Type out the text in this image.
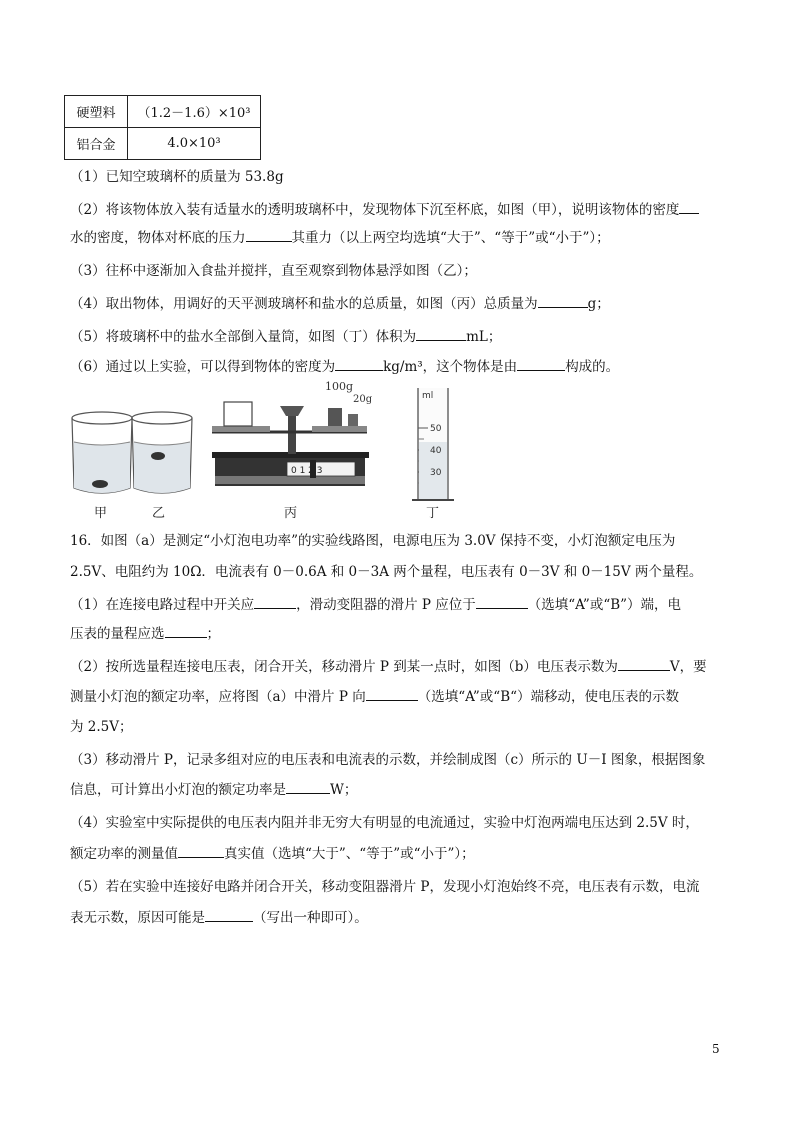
硬塑料	（1.2－1.6）×10³
铝合金	4.0×10³
（1）已知空玻璃杯的质量为 53.8g
（2）将该物体放入装有适量水的透明玻璃杯中，发现物体下沉至杯底，如图（甲），说明该物体的密度
水的密度，物体对杯底的压力	其重力（以上两空均选填“大于”、“等于”或“小于”）；
（3）往杯中逐渐加入食盐并搅拌，直至观察到物体悬浮如图（乙）；
（4）取出物体，用调好的天平测玻璃杯和盐水的总质量，如图（丙）总质量为	g；
（5）将玻璃杯中的盐水全部倒入量筒，如图（丁）体积为	mL；
（6）通过以上实验，可以得到物体的密度为	kg/m³，这个物体是由	构成的。
100g
20g
0 1 2 3
ml
50
40
30
甲	乙	丙	丁
16．如图（a）是测定“小灯泡电功率”的实验线路图，电源电压为 3.0V 保持不变，小灯泡额定电压为
2.5V、电阻约为 10Ω．电流表有 0－0.6A 和 0－3A 两个量程，电压表有 0－3V 和 0－15V 两个量程。
（1）在连接电路过程中开关应	，滑动变阻器的滑片 P 应位于	（选填“A”或“B”）端，电
压表的量程应选	；
（2）按所选量程连接电压表，闭合开关，移动滑片 P 到某一点时，如图（b）电压表示数为	V，要
测量小灯泡的额定功率，应将图（a）中滑片 P 向	（选填“A”或“B“）端移动，使电压表的示数
为 2.5V；
（3）移动滑片 P，记录多组对应的电压表和电流表的示数，并绘制成图（c）所示的 U－I 图象，根据图象
信息，可计算出小灯泡的额定功率是	W；
（4）实验室中实际提供的电压表内阻并非无穷大有明显的电流通过，实验中灯泡两端电压达到 2.5V 时，
额定功率的测量值	真实值（选填“大于”、“等于”或“小于”）；
（5）若在实验中连接好电路并闭合开关，移动变阻器滑片 P，发现小灯泡始终不亮，电压表有示数，电流
表无示数，原因可能是	（写出一种即可）。
5
